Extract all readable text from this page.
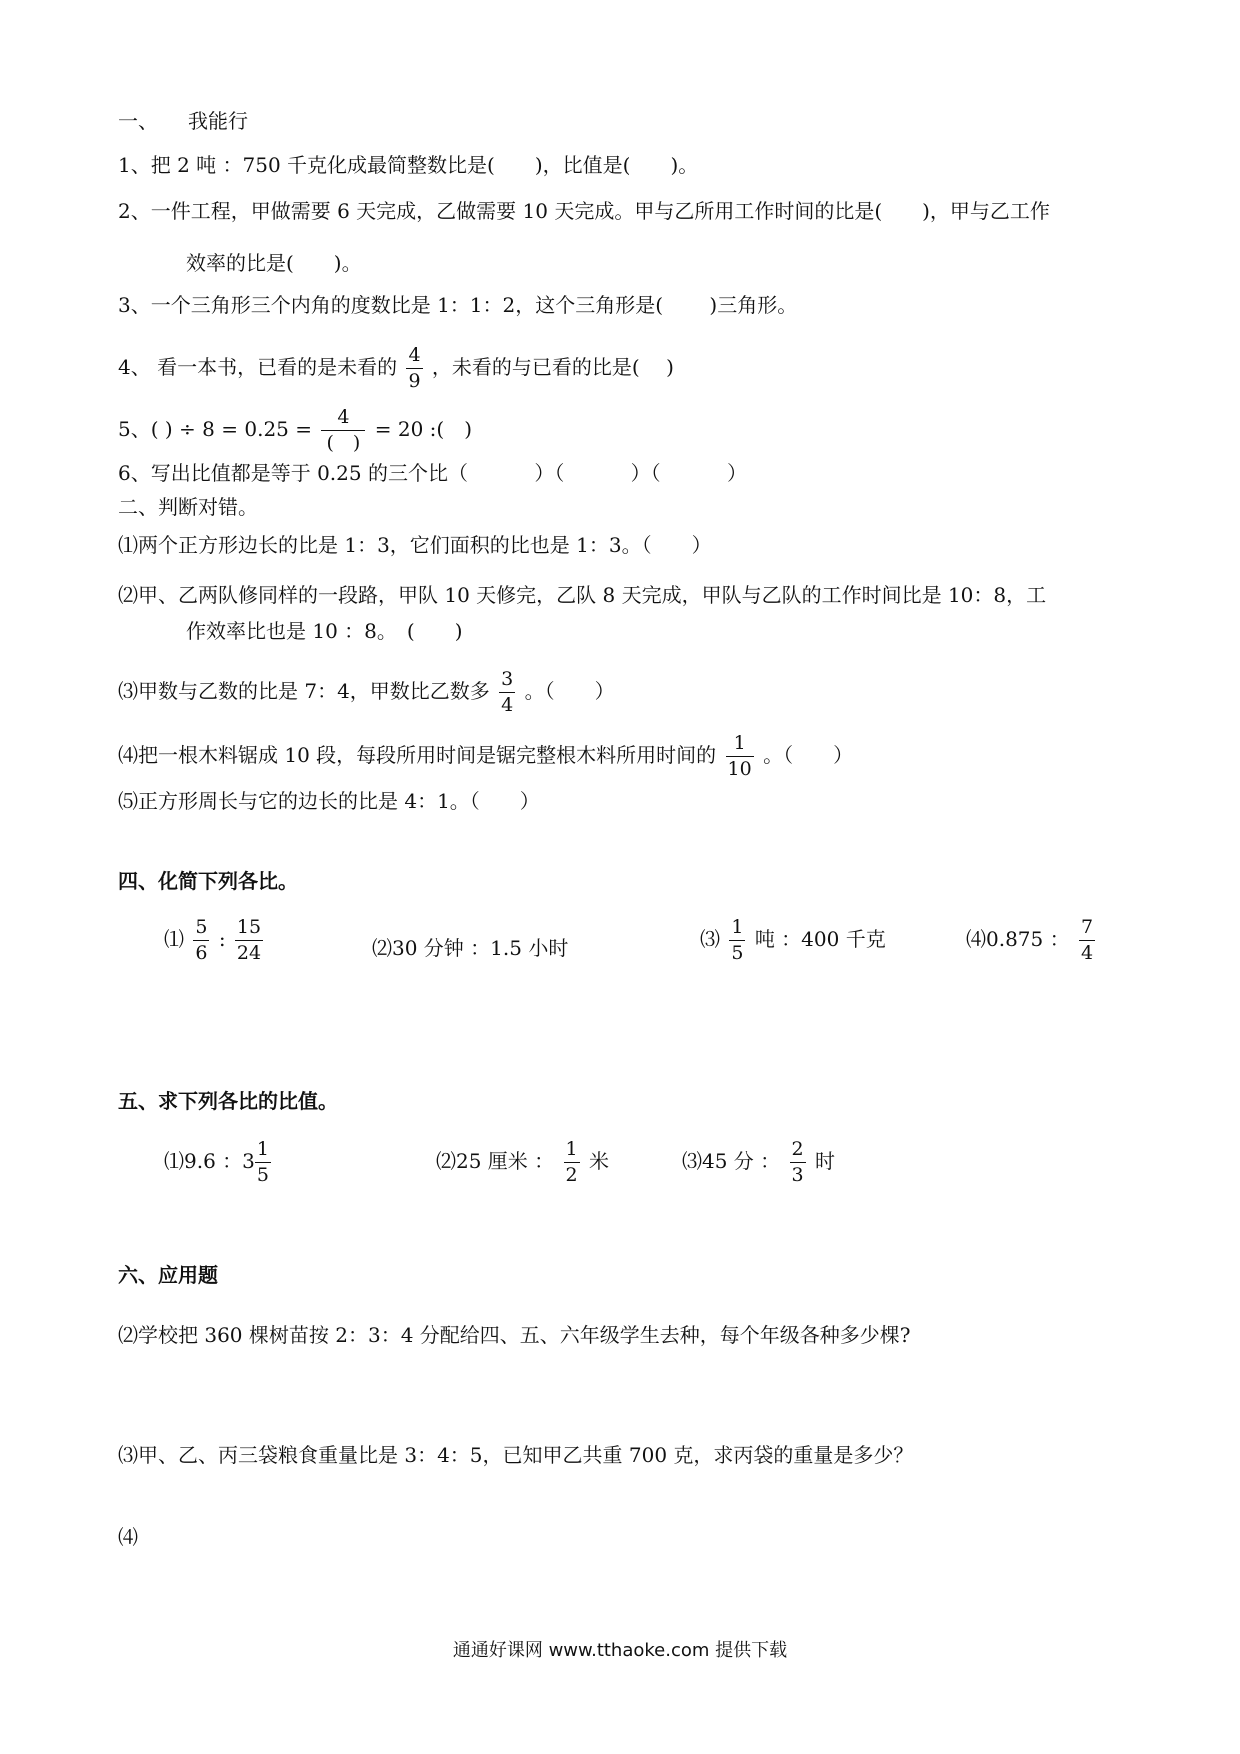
一、　　我能行
1、把 2 吨 ：750 千克化成最简整数比是(　　)，比值是(　　)。
2、一件工程，甲做需要 6 天完成，乙做需要 10 天完成。甲与乙所用工作时间的比是(　　)，甲与乙工作
效率的比是(　　)。
3、一个三角形三个内角的度数比是 1：1：2，这个三角形是(　　 )三角形。
4、 看一本书，已看的是未看的 $\frac{4}{9}$ ，未看的与已看的比是(　 )
5、( ) ÷ $8 = 0.25 = \frac{4}{( )} = 20$ :(　)
6、写出比值都是等于 0.25 的三个比（　　　 ）（　　　 ）（　　　 ）
二、判断对错。
⑴两个正方形边长的比是 1：3，它们面积的比也是 1：3。（　　）
⑵甲、乙两队修同样的一段路，甲队 10 天修完，乙队 8 天完成，甲队与乙队的工作时间比是 10：8，工
作效率比也是 10 ：8。　(　　)
⑶甲数与乙数的比是 7：4，甲数比乙数多 $\frac{3}{4}$ 。（　　）
⑷把一根木料锯成 10 段，每段所用时间是锯完整根木料所用时间的 $\frac{1}{10}$ 。（　　）
⑸正方形周长与它的边长的比是 4：1。（　　）
四、化简下列各比。
⑴ $\frac{5}{6}$ : $\frac{15}{24}$	⑵30 分钟 ：1.5 小时	⑶ $\frac{1}{5}$ 吨 ：400 千克	⑷0.875 ： $\frac{7}{4}$
五、求下列各比的比值。
⑴9.6 ：$3 \frac{1}{5}$	⑵25 厘米 ： $\frac{1}{2}$ 米	⑶45 分 ： $\frac{2}{3}$ 时
六、应用题
⑵学校把 360 棵树苗按 2：3：4 分配给四、五、六年级学生去种，每个年级各种多少棵?
⑶甲、乙、丙三袋粮食重量比是 3：4：5，已知甲乙共重 700 克，求丙袋的重量是多少？
⑷
通通好课网 www.tthaoke.com 提供下载
